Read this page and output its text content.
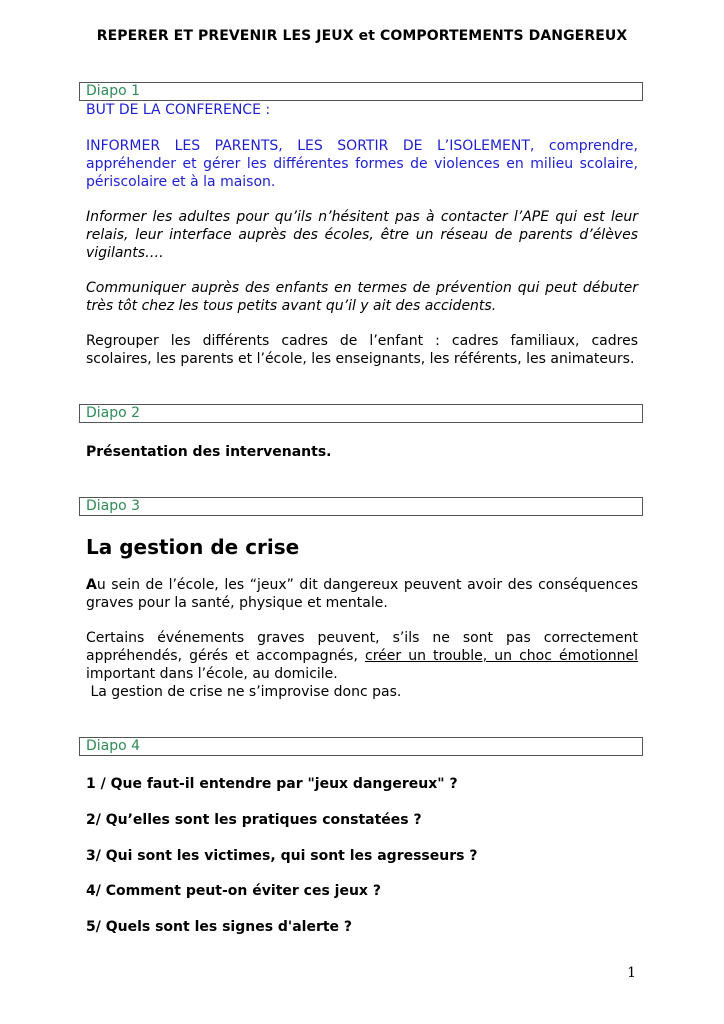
REPERER ET PREVENIR LES JEUX et COMPORTEMENTS DANGEREUX
Diapo 1

BUT DE LA CONFERENCE :

INFORMER LES PARENTS, LES SORTIR DE L’ISOLEMENT, comprendre, appréhender et gérer les différentes formes de violences en milieu scolaire, périscolaire et à la maison.

Informer les adultes pour qu’ils n’hésitent pas à contacter l’APE qui est leur relais, leur interface auprès des écoles, être un réseau de parents d’élèves vigilants….

Communiquer auprès des enfants en termes de prévention qui peut débuter très tôt chez les tous petits avant qu’il y ait des accidents.

Regrouper les différents cadres de l’enfant : cadres familiaux, cadres scolaires, les parents et l’école, les enseignants, les référents, les animateurs.

Diapo 2

Présentation des intervenants.

Diapo 3
La gestion de crise

Au sein de l’école, les “jeux” dit dangereux peuvent avoir des conséquences graves pour la santé, physique et mentale.

Certains événements graves peuvent, s’ils ne sont pas correctement appréhendés, gérés et accompagnés, créer un trouble, un choc émotionnel important dans l’école, au domicile.

La gestion de crise ne s’improvise donc pas.

Diapo 4

1 / Que faut-il entendre par "jeux dangereux" ?

2/ Qu’elles sont les pratiques constatées ?

3/ Qui sont les victimes, qui sont les agresseurs ?

4/ Comment peut-on éviter ces jeux ?

5/ Quels sont les signes d'alerte ?

1
